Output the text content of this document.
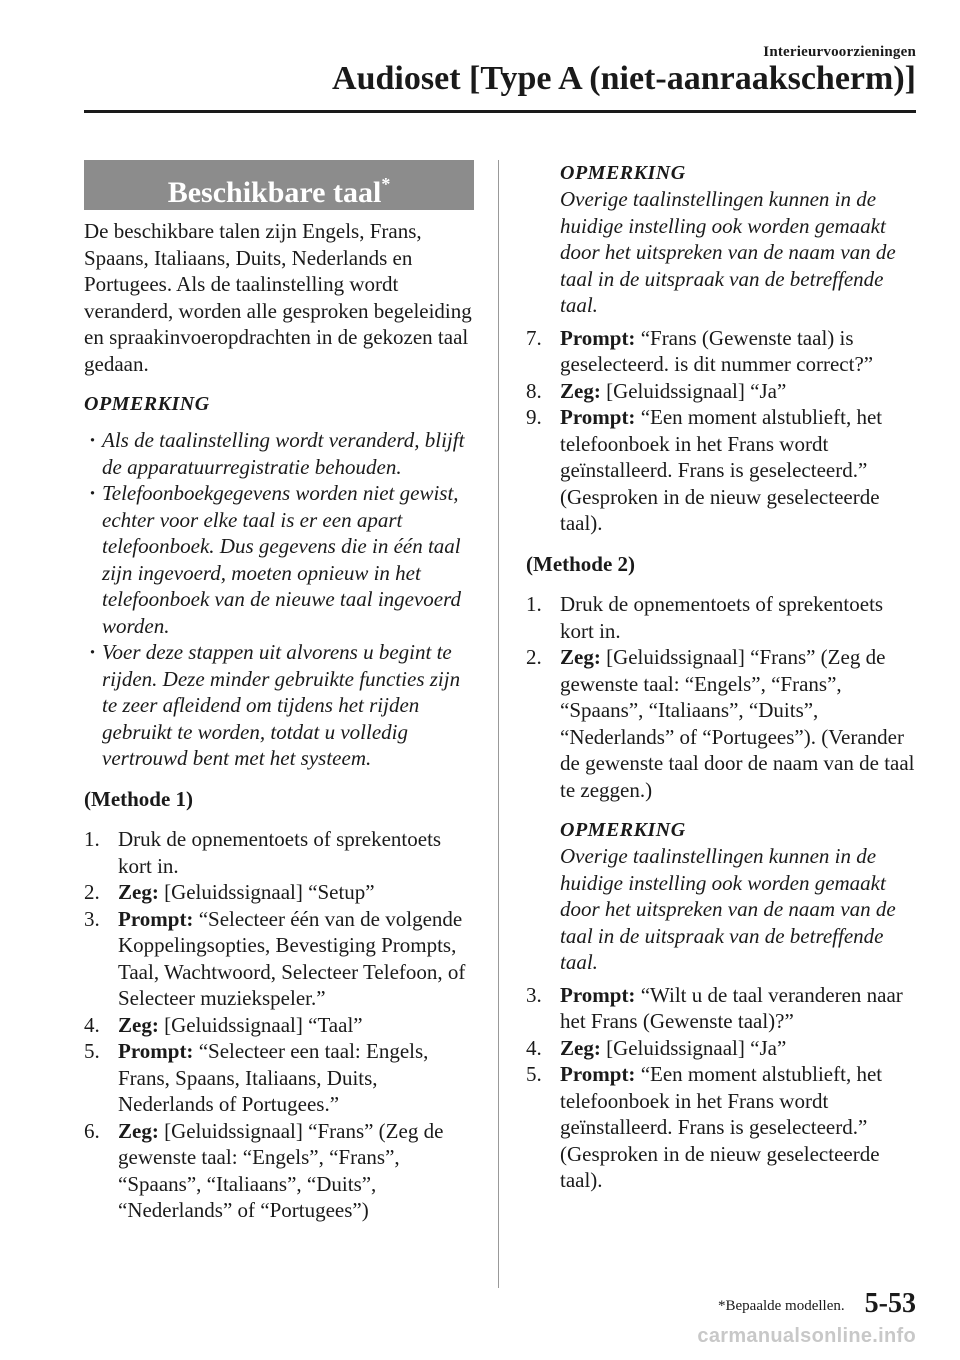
Interieurvoorzieningen
Audioset [Type A (niet-aanraakscherm)]
Beschikbare taal*

De beschikbare talen zijn Engels, Frans, Spaans, Italiaans, Duits, Nederlands en Portugees. Als de taalinstelling wordt veranderd, worden alle gesproken begeleiding en spraakinvoeropdrachten in de gekozen taal gedaan.

OPMERKING
· Als de taalinstelling wordt veranderd, blijft de apparatuurregistratie behouden.
· Telefoonboekgegevens worden niet gewist, echter voor elke taal is er een apart telefoonboek. Dus gegevens die in één taal zijn ingevoerd, moeten opnieuw in het telefoonboek van de nieuwe taal ingevoerd worden.
· Voer deze stappen uit alvorens u begint te rijden. Deze minder gebruikte functies zijn te zeer afleidend om tijdens het rijden gebruikt te worden, totdat u volledig vertrouwd bent met het systeem.

(Methode 1)

1. Druk de opnementoets of sprekentoets kort in.
2. Zeg: [Geluidssignaal] “Setup”
3. Prompt: “Selecteer één van de volgende Koppelingsopties, Bevestiging Prompts, Taal, Wachtwoord, Selecteer Telefoon, of Selecteer muziekspeler.”
4. Zeg: [Geluidssignaal] “Taal”
5. Prompt: “Selecteer een taal: Engels, Frans, Spaans, Italiaans, Duits, Nederlands of Portugees.”
6. Zeg: [Geluidssignaal] “Frans” (Zeg de gewenste taal: “Engels”, “Frans”, “Spaans”, “Italiaans”, “Duits”, “Nederlands” of “Portugees”)
OPMERKING
Overige taalinstellingen kunnen in de huidige instelling ook worden gemaakt door het uitspreken van de naam van de taal in de uitspraak van de betreffende taal.
7. Prompt: “Frans (Gewenste taal) is geselecteerd. is dit nummer correct?”
8. Zeg: [Geluidssignaal] “Ja”
9. Prompt: “Een moment alstublieft, het telefoonboek in het Frans wordt geïnstalleerd. Frans is geselecteerd.” (Gesproken in de nieuw geselecteerde taal).

(Methode 2)

1. Druk de opnementoets of sprekentoets kort in.
2. Zeg: [Geluidssignaal] “Frans” (Zeg de gewenste taal: “Engels”, “Frans”, “Spaans”, “Italiaans”, “Duits”, “Nederlands” of “Portugees”). (Verander de gewenste taal door de naam van de taal te zeggen.)
OPMERKING
Overige taalinstellingen kunnen in de huidige instelling ook worden gemaakt door het uitspreken van de naam van de taal in de uitspraak van de betreffende taal.
3. Prompt: “Wilt u de taal veranderen naar het Frans (Gewenste taal)?”
4. Zeg: [Geluidssignaal] “Ja”
5. Prompt: “Een moment alstublieft, het telefoonboek in het Frans wordt geïnstalleerd. Frans is geselecteerd.” (Gesproken in de nieuw geselecteerde taal).
*Bepaalde modellen. 5-53
carmanualsonline.info
